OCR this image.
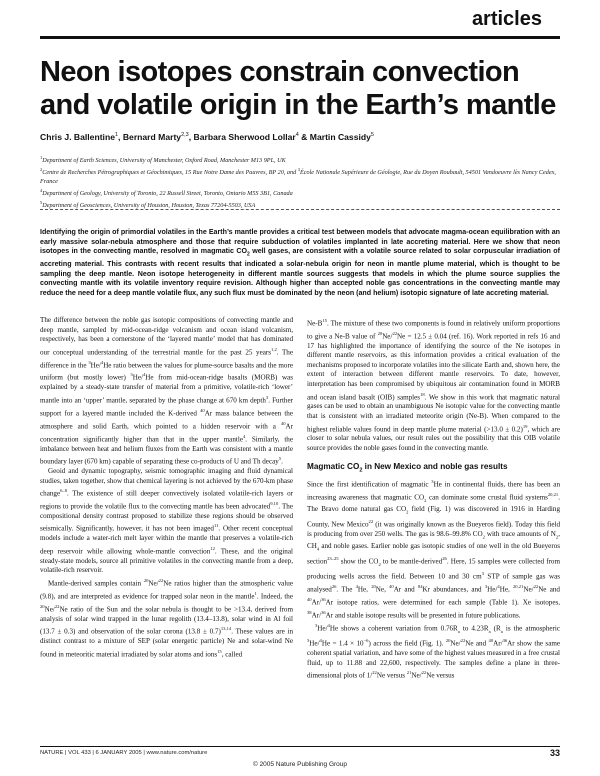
articles
Neon isotopes constrain convection and volatile origin in the Earth’s mantle
Chris J. Ballentine$^1$, Bernard Marty$^{2,3}$, Barbara Sherwood Lollar$^4$ & Martin Cassidy$^5$
$^1$Department of Earth Sciences, University of Manchester, Oxford Road, Manchester M13 9PL, UK
$^2$Centre de Recherches Pétrographiques et Géochimiques, 15 Rue Notre Dame des Pauvres, BP 20, and $^3$École Nationale Supérieure de Géologie, Rue du Doyen Roubault, 54501 Vandoeuvre lès Nancy Cedex, France
$^4$Department of Geology, University of Toronto, 22 Russell Street, Toronto, Ontario M5S 3B1, Canada
$^5$Department of Geosciences, University of Houston, Houston, Texas 77204-5503, USA
Identifying the origin of primordial volatiles in the Earth’s mantle provides a critical test between models that advocate magma-ocean equilibration with an early massive solar-nebula atmosphere and those that require subduction of volatiles implanted in late accreting material. Here we show that neon isotopes in the convecting mantle, resolved in magmatic $CO_2$ well gases, are consistent with a volatile source related to solar corpuscular irradiation of accreting material. This contrasts with recent results that indicated a solar-nebula origin for neon in mantle plume material, which is thought to be sampling the deep mantle. Neon isotope heterogeneity in different mantle sources suggests that models in which the plume source supplies the convecting mantle with its volatile inventory require revision. Although higher than accepted noble gas concentrations in the convecting mantle may reduce the need for a deep mantle volatile flux, any such flux must be dominated by the neon (and helium) isotopic signature of late accreting material.

The difference between the noble gas isotopic compositions of convecting mantle and deep mantle, sampled by mid-ocean-ridge volcanism and ocean island volcanism, respectively, has been a cornerstone of the ‘layered mantle’ model that has dominated our conceptual understanding of the terrestrial mantle for the past 25 years$^{1,2}$. The difference in the $^3$He/$^4$He ratio between the values for plume-source basalts and the more uniform (but mostly lower) $^3$He/$^4$He from mid-ocean-ridge basalts (MORB) was explained by a steady-state transfer of material from a primitive, volatile-rich ‘lower’ mantle into an ‘upper’ mantle, separated by the phase change at 670 km depth$^3$. Further support for a layered mantle included the K-derived $^{40}$Ar mass balance between the atmosphere and solid Earth, which pointed to a hidden reservoir with a $^{40}$Ar concentration significantly higher than that in the upper mantle$^4$. Similarly, the imbalance between heat and helium fluxes from the Earth was consistent with a mantle boundary layer (670 km) capable of separating these co-products of U and Th decay$^5$.

Geoid and dynamic topography, seismic tomographic imaging and fluid dynamical studies, taken together, show that chemical layering is not achieved by the 670-km phase change$^{6-8}$. The existence of still deeper convectively isolated volatile-rich layers or regions to provide the volatile flux to the convecting mantle has been advocated$^{9,10}$. The compositional density contrast proposed to stabilize these regions should be observed seismically. Significantly, however, it has not been imaged$^{11}$. Other recent conceptual models include a water-rich melt layer within the mantle that preserves a volatile-rich deep reservoir while allowing whole-mantle convection$^{12}$. These, and the original steady-state models, source all primitive volatiles in the convecting mantle from a deep, volatile-rich reservoir.

Mantle-derived samples contain $^{20}$Ne/$^{22}$Ne ratios higher than the atmospheric value (9.8), and are interpreted as evidence for trapped solar neon in the mantle$^1$. Indeed, the $^{20}$Ne/$^{22}$Ne ratio of the Sun and the solar nebula is thought to be >13.4, derived from analysis of solar wind trapped in the lunar regolith (13.4–13.8), solar wind in Al foil (13.7 ± 0.3) and observation of the solar corona $(13.8 \pm 0.7)^{13,14}$. These values are in distinct contrast to a mixture of SEP (solar energetic particle) Ne and solar-wind Ne found in meteoritic material irradiated by solar atoms and ions$^{15}$, called

$Ne-B^{15}$. The mixture of these two components is found in relatively uniform proportions to give a Ne-B value of $^{20}$Ne/$^{22}$Ne = 12.5 ± 0.04 (ref. 16). Work reported in refs 16 and 17 has highlighted the importance of identifying the source of the Ne isotopes in different mantle reservoirs, as this information provides a critical evaluation of the mechanisms proposed to incorporate volatiles into the silicate Earth and, shown here, the extent of interaction between different mantle reservoirs. To date, however, interpretation has been compromised by ubiquitous air contamination found in MORB and ocean island basalt (OIB) samples$^{18}$. We show in this work that magmatic natural gases can be used to obtain an unambiguous Ne isotopic value for the convecting mantle that is consistent with an irradiated meteorite origin (Ne-B). When compared to the highest reliable values found in deep mantle plume material (>13.0 ± 0.2)$^{19}$, which are closer to solar nebula values, our result rules out the possibility that this OIB volatile source provides the noble gases found in the convecting mantle.

Magmatic $CO_2$ in New Mexico and noble gas results

Since the first identification of magmatic $^3$He in continental fluids, there has been an increasing awareness that magmatic $CO_2$ can dominate some crustal fluid systems$^{20,21}$. The Bravo dome natural gas $CO_2$ field (Fig. 1) was discovered in 1916 in Harding County, New Mexico$^{22}$ (it was originally known as the Bueyeros field). Today this field is producing from over 250 wells. The gas is 98.6–99.8% $CO_2$ with trace amounts of $N_2$, $CH_4$ and noble gases. Earlier noble gas isotopic studies of one well in the old Bueyeros section$^{23-25}$ show the $CO_2$ to be mantle-derived$^{26}$. Here, 15 samples were collected from producing wells across the field. Between 10 and 30 $cm^3$ STP of sample gas was analysed$^{26}$. The $^4$He, $^{20}$Ne, $^{40}$Ar and $^{84}$Kr abundances, and $^3$He/$^4$He, $^{20,21}$Ne/$^{22}$Ne and $^{40}$Ar/$^{36}$Ar isotope ratios, were determined for each sample (Table 1). Xe isotopes, $^{38}$Ar/$^{36}$Ar and stable isotope results will be presented in future publications.

$^3$He/$^4$He shows a coherent variation from $0.76R_a$ to $4.23R_a$ ($R_a$ is the atmospheric $^3He/^4He = 1.4 \times 10^{-6}$) across the field (Fig. 1). $^{20}$Ne/$^{22}$Ne and $^{40}$Ar/$^{36}$Ar show the same coherent spatial variation, and have some of the highest values measured in a free crustal fluid, up to 11.88 and 22,600, respectively. The samples define a plane in three-dimensional plots of 1/$^{22}$Ne versus $^{21}$Ne/$^{22}$Ne versus

NATURE | VOL 433 | 6 JANUARY 2005 | www.nature.com/nature
© 2005 Nature Publishing Group
33
